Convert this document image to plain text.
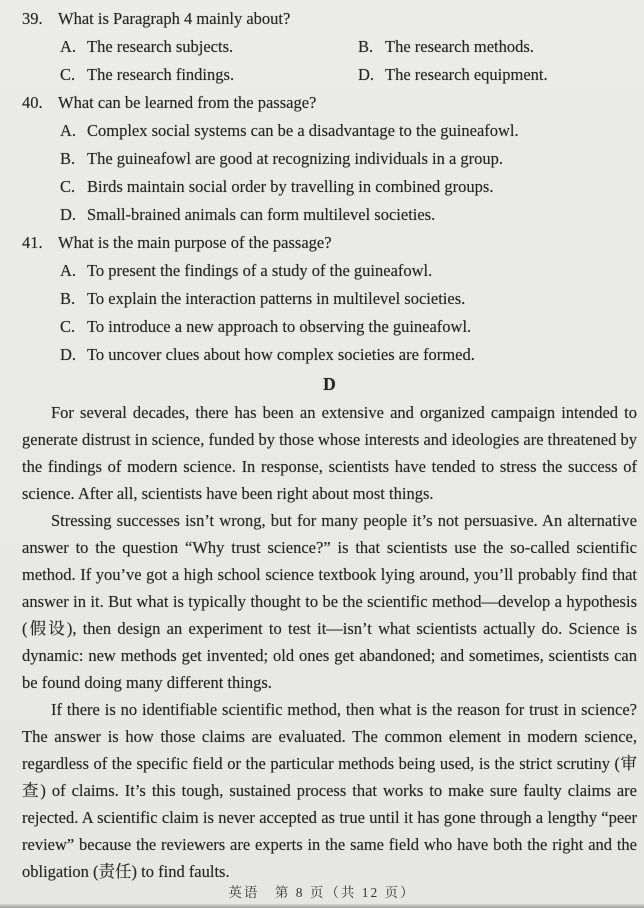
39. What is Paragraph 4 mainly about?
A. The research subjects.	B. The research methods.
C. The research findings.	D. The research equipment.
40. What can be learned from the passage?
A. Complex social systems can be a disadvantage to the guineafowl.
B. The guineafowl are good at recognizing individuals in a group.
C. Birds maintain social order by travelling in combined groups.
D. Small-brained animals can form multilevel societies.
41. What is the main purpose of the passage?
A. To present the findings of a study of the guineafowl.
B. To explain the interaction patterns in multilevel societies.
C. To introduce a new approach to observing the guineafowl.
D. To uncover clues about how complex societies are formed.
D

For several decades, there has been an extensive and organized campaign intended to generate distrust in science, funded by those whose interests and ideologies are threatened by the findings of modern science. In response, scientists have tended to stress the success of science. After all, scientists have been right about most things.

Stressing successes isn’t wrong, but for many people it’s not persuasive. An alternative answer to the question “Why trust science?” is that scientists use the so-called scientific method. If you’ve got a high school science textbook lying around, you’ll probably find that answer in it. But what is typically thought to be the scientific method—develop a hypothesis (假设), then design an experiment to test it—isn’t what scientists actually do. Science is dynamic: new methods get invented; old ones get abandoned; and sometimes, scientists can be found doing many different things.

If there is no identifiable scientific method, then what is the reason for trust in science? The answer is how those claims are evaluated. The common element in modern science, regardless of the specific field or the particular methods being used, is the strict scrutiny (审查) of claims. It’s this tough, sustained process that works to make sure faulty claims are rejected. A scientific claim is never accepted as true until it has gone through a lengthy “peer review” because the reviewers are experts in the same field who have both the right and the obligation (责任) to find faults.

英语　第 8 页（共 12 页）
